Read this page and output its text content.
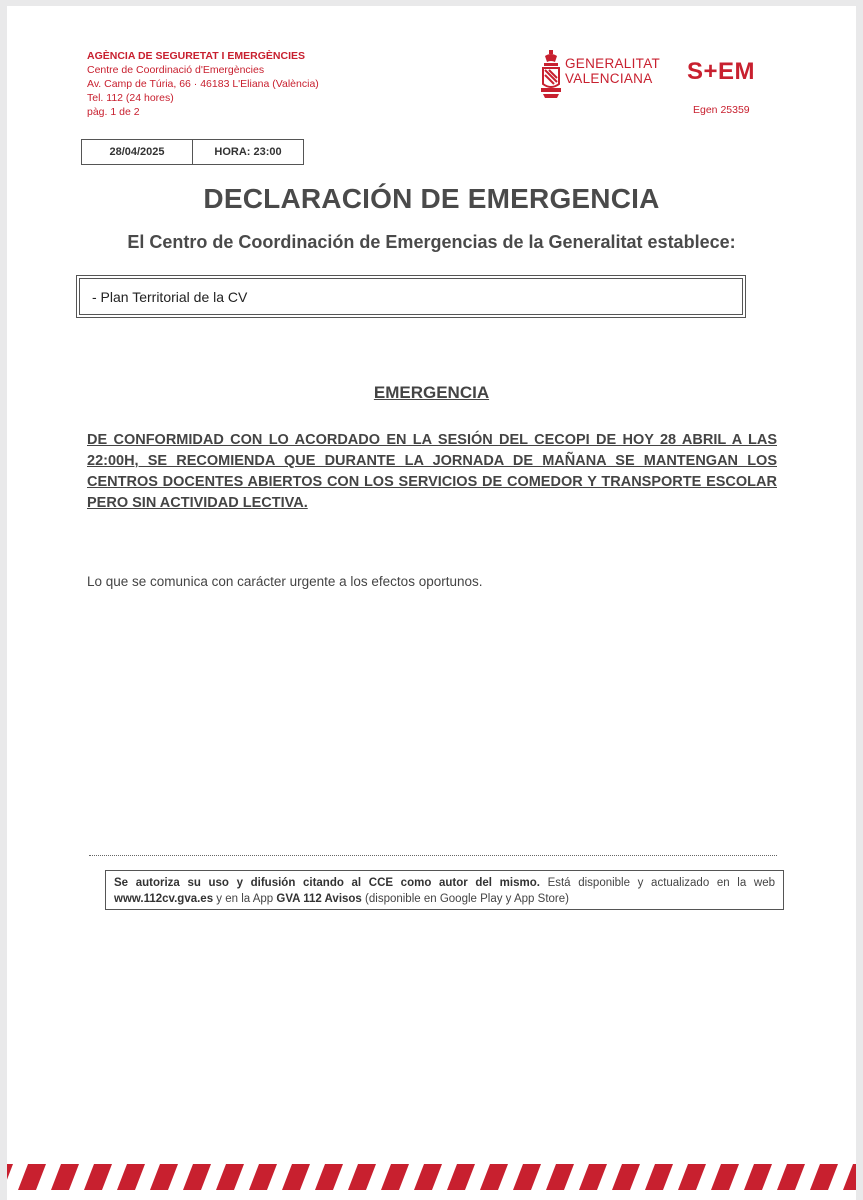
AGÈNCIA DE SEGURETAT I EMERGÈNCIES
Centre de Coordinació d'Emergències
Av. Camp de Túria, 66 · 46183 L'Eliana (València)
Tel. 112 (24 hores)
pàg. 1 de 2
GENERALITAT
VALENCIANA	S+EM
Egen 25359
28/04/2025	HORA: 23:00
DECLARACIÓN DE EMERGENCIA
El Centro de Coordinación de Emergencias de la Generalitat establece:
- Plan Territorial de la CV
EMERGENCIA
DE CONFORMIDAD CON LO ACORDADO EN LA SESIÓN DEL CECOPI DE HOY 28 ABRIL A LAS 22:00H, SE RECOMIENDA QUE DURANTE LA JORNADA DE MAÑANA SE MANTENGAN LOS CENTROS DOCENTES ABIERTOS CON LOS SERVICIOS DE COMEDOR Y TRANSPORTE ESCOLAR PERO SIN ACTIVIDAD LECTIVA.
Lo que se comunica con carácter urgente a los efectos oportunos.
Se autoriza su uso y difusión citando al CCE como autor del mismo. Está disponible y actualizado en la web www.112cv.gva.es y en la App GVA 112 Avisos (disponible en Google Play y App Store)
